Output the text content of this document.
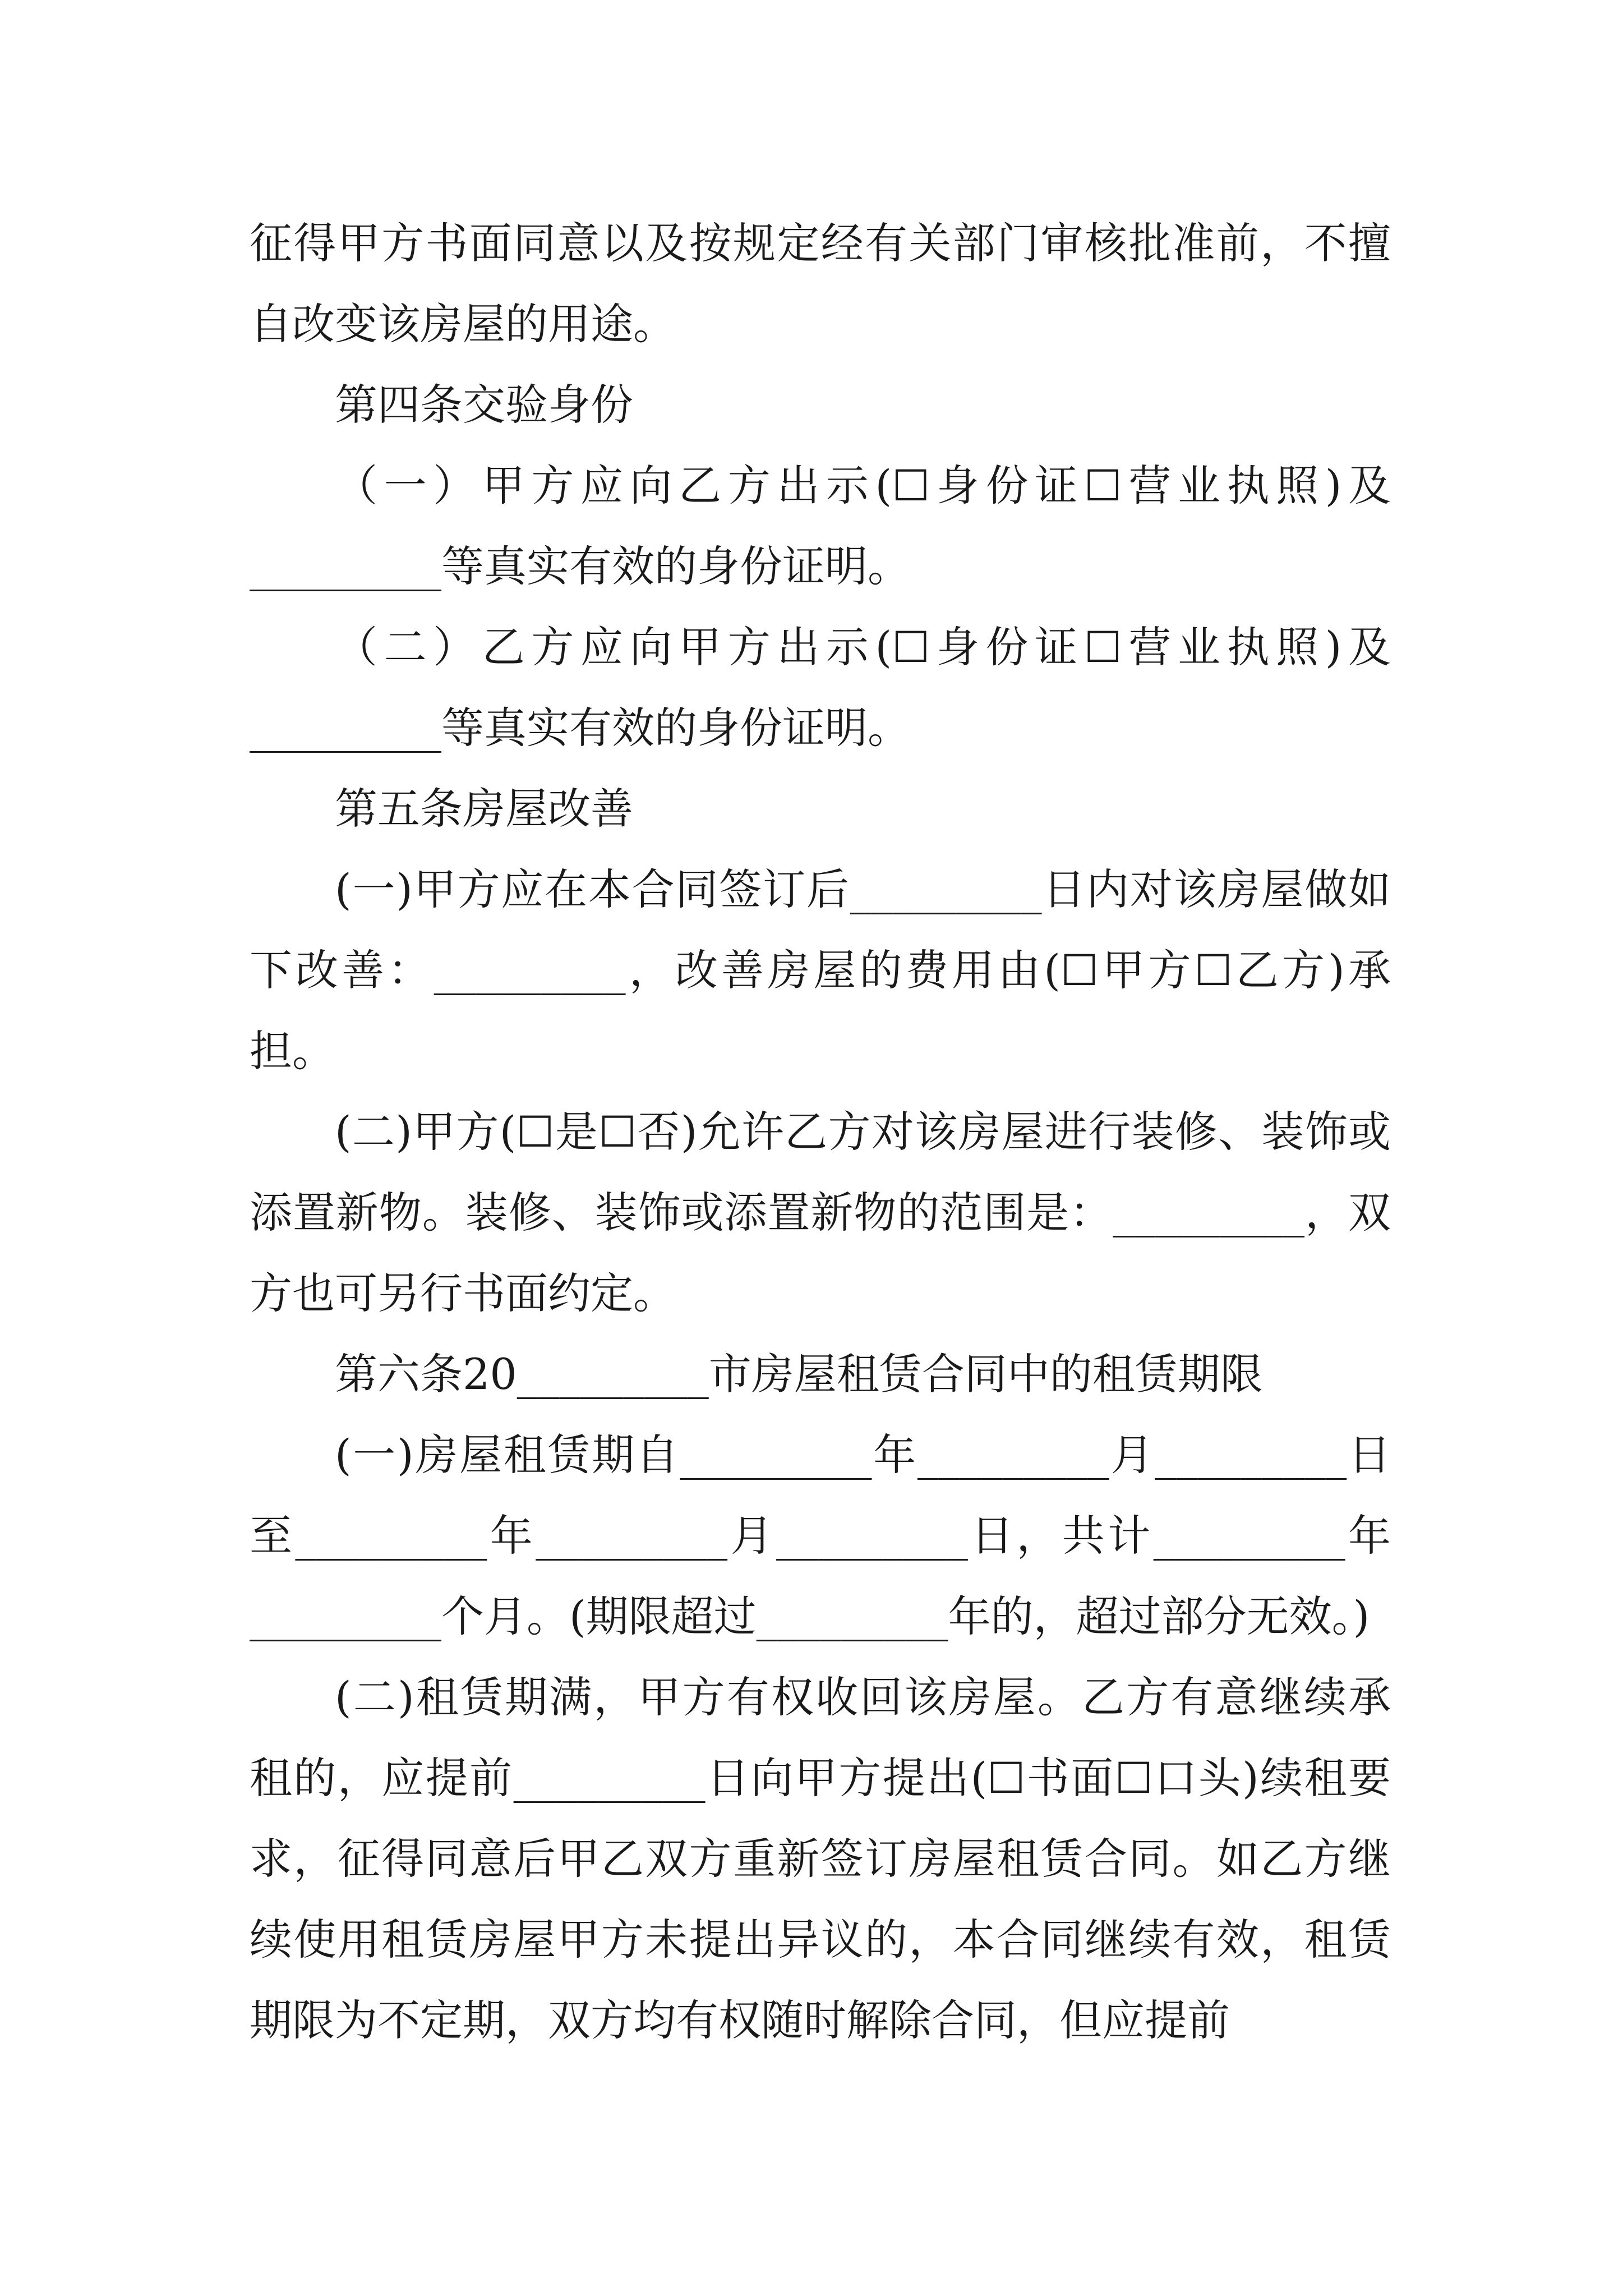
征得甲方书面同意以及按规定经有关部门审核批准前，不擅自改变该房屋的用途。

第四条交验身份

（一）甲方应向乙方出示(☐身份证☐营业执照)及_________等真实有效的身份证明。

（二）乙方应向甲方出示(☐身份证☐营业执照)及_________等真实有效的身份证明。

第五条房屋改善

(一)甲方应在本合同签订后_________日内对该房屋做如下改善：_________，改善房屋的费用由(☐甲方☐乙方)承担。

(二)甲方(☐是☐否)允许乙方对该房屋进行装修、装饰或添置新物。装修、装饰或添置新物的范围是：_________，双方也可另行书面约定。

第六条20_________市房屋租赁合同中的租赁期限

(一)房屋租赁期自_________年_________月_________日至_________年_________月_________日，共计_________年_________个月。(期限超过_________年的，超过部分无效。)

(二)租赁期满，甲方有权收回该房屋。乙方有意继续承租的，应提前_________日向甲方提出(☐书面☐口头)续租要求，征得同意后甲乙双方重新签订房屋租赁合同。如乙方继续使用租赁房屋甲方未提出异议的，本合同继续有效，租赁期限为不定期，双方均有权随时解除合同，但应提前
